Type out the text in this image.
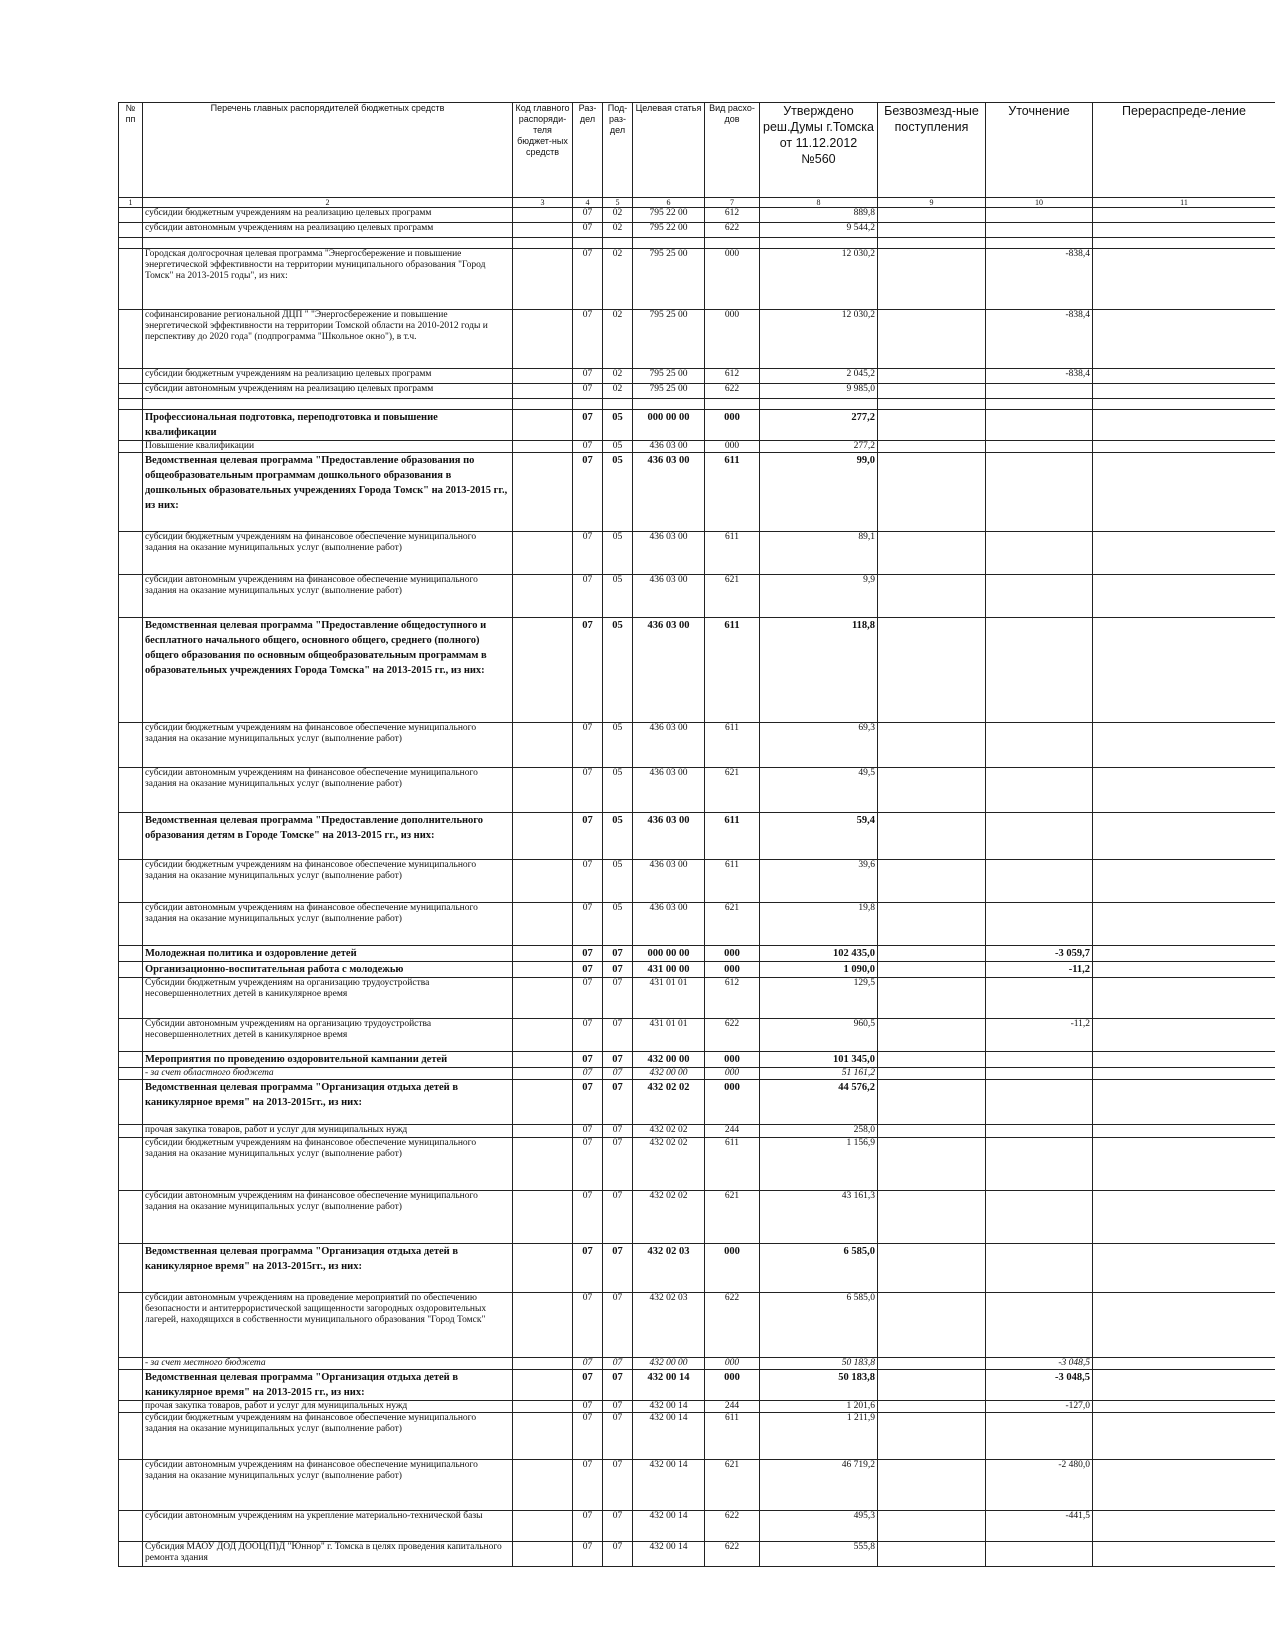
№ пп	Перечень главных распорядителей бюджетных средств	Код главного распоряди-теля бюджет-ных средств	Раз-дел	Под-раз-дел	Целевая статья	Вид расхо-дов	Утверждено реш.Думы г.Томска от 11.12.2012 №560	Безвозмезд-ные поступления	Уточнение	Перераспреде-ление
1	2	3	4	5	6	7	8	9	10	11
	субсидии бюджетным учреждениям на реализацию целевых программ		07	02	795 22 00	612	889,8			
	субсидии автономным учреждениям на реализацию целевых программ		07	02	795 22 00	622	9 544,2			

	Городская долгосрочная целевая программа "Энергосбережение и повышение энергетической эффективности на территории муниципального образования "Город Томск" на 2013-2015 годы", из них:		07	02	795 25 00	000	12 030,2		-838,4	
	софинансирование региональной ДЦП " "Энергосбережение и повышение энергетической эффективности на территории Томской области на 2010-2012 годы и перспективу до 2020 года" (подпрограмма "Школьное окно"), в т.ч.		07	02	795 25 00	000	12 030,2		-838,4	
	субсидии бюджетным учреждениям на реализацию целевых программ		07	02	795 25 00	612	2 045,2		-838,4	
	субсидии автономным учреждениям на реализацию целевых программ		07	02	795 25 00	622	9 985,0			

	Профессиональная подготовка, переподготовка и повышение квалификации		07	05	000 00 00	000	277,2			
	Повышение квалификации		07	05	436 03 00	000	277,2			
	Ведомственная целевая программа "Предоставление образования по общеобразовательным программам дошкольного образования в дошкольных образовательных учреждениях Города Томск" на 2013-2015 гг., из них:		07	05	436 03 00	611	99,0			
	субсидии бюджетным учреждениям на финансовое обеспечение муниципального задания на оказание муниципальных услуг (выполнение работ)		07	05	436 03 00	611	89,1			
	субсидии автономным учреждениям на финансовое обеспечение муниципального задания на оказание муниципальных услуг (выполнение работ)		07	05	436 03 00	621	9,9			
	Ведомственная целевая программа "Предоставление общедоступного и бесплатного начального общего, основного общего, среднего (полного) общего образования по основным общеобразовательным программам в образовательных учреждениях Города Томска" на 2013-2015 гг., из них:		07	05	436 03 00	611	118,8			
	субсидии бюджетным учреждениям на финансовое обеспечение муниципального задания на оказание муниципальных услуг (выполнение работ)		07	05	436 03 00	611	69,3			
	субсидии автономным учреждениям на финансовое обеспечение муниципального задания на оказание муниципальных услуг (выполнение работ)		07	05	436 03 00	621	49,5			
	Ведомственная целевая программа "Предоставление дополнительного образования детям в Городе Томске" на 2013-2015 гг., из них:		07	05	436 03 00	611	59,4			
	субсидии бюджетным учреждениям на финансовое обеспечение муниципального задания на оказание муниципальных услуг (выполнение работ)		07	05	436 03 00	611	39,6			
	субсидии автономным учреждениям на финансовое обеспечение муниципального задания на оказание муниципальных услуг (выполнение работ)		07	05	436 03 00	621	19,8			
	Молодежная политика и оздоровление детей		07	07	000 00 00	000	102 435,0		-3 059,7	
	Организационно-воспитательная работа с молодежью		07	07	431 00 00	000	1 090,0		-11,2	
	Субсидии бюджетным учреждениям на организацию трудоустройства несовершеннолетних детей в каникулярное время		07	07	431 01 01	612	129,5			
	Субсидии автономным учреждениям на организацию трудоустройства несовершеннолетних детей в каникулярное время		07	07	431 01 01	622	960,5		-11,2	
	Мероприятия по проведению оздоровительной кампании детей		07	07	432 00 00	000	101 345,0			
	- за счет областного бюджета		07	07	432 00 00	000	51 161,2			
	Ведомственная целевая программа "Организация отдыха детей в каникулярное время" на 2013-2015гг., из них:		07	07	432 02 02	000	44 576,2			
	прочая закупка товаров, работ и услуг для муниципальных нужд		07	07	432 02 02	244	258,0			
	субсидии бюджетным учреждениям на финансовое обеспечение муниципального задания на оказание муниципальных услуг (выполнение работ)		07	07	432 02 02	611	1 156,9			
	субсидии автономным учреждениям на финансовое обеспечение муниципального задания на оказание муниципальных услуг (выполнение работ)		07	07	432 02 02	621	43 161,3			
	Ведомственная целевая программа "Организация отдыха детей в каникулярное время" на 2013-2015гг., из них:		07	07	432 02 03	000	6 585,0			
	субсидии автономным учреждениям на проведение мероприятий по обеспечению безопасности и антитеррористической защищенности загородных оздоровительных лагерей, находящихся в собственности муниципального образования "Город Томск"		07	07	432 02 03	622	6 585,0			
	- за счет местного бюджета		07	07	432 00 00	000	50 183,8		-3 048,5	
	Ведомственная целевая программа "Организация отдыха детей в каникулярное время" на 2013-2015 гг., из них:		07	07	432 00 14	000	50 183,8		-3 048,5	
	прочая закупка товаров, работ и услуг для муниципальных нужд		07	07	432 00 14	244	1 201,6		-127,0	
	субсидии бюджетным учреждениям на финансовое обеспечение муниципального задания на оказание муниципальных услуг (выполнение работ)		07	07	432 00 14	611	1 211,9			
	субсидии автономным учреждениям на финансовое обеспечение муниципального задания на оказание муниципальных услуг (выполнение работ)		07	07	432 00 14	621	46 719,2		-2 480,0	
	субсидии автономным учреждениям на укрепление материально-технической базы		07	07	432 00 14	622	495,3		-441,5	
	Субсидия МАОУ ДОД ДООЦ(П)Д "Юннор" г. Томска в целях проведения капитального ремонта здания		07	07	432 00 14	622	555,8			
